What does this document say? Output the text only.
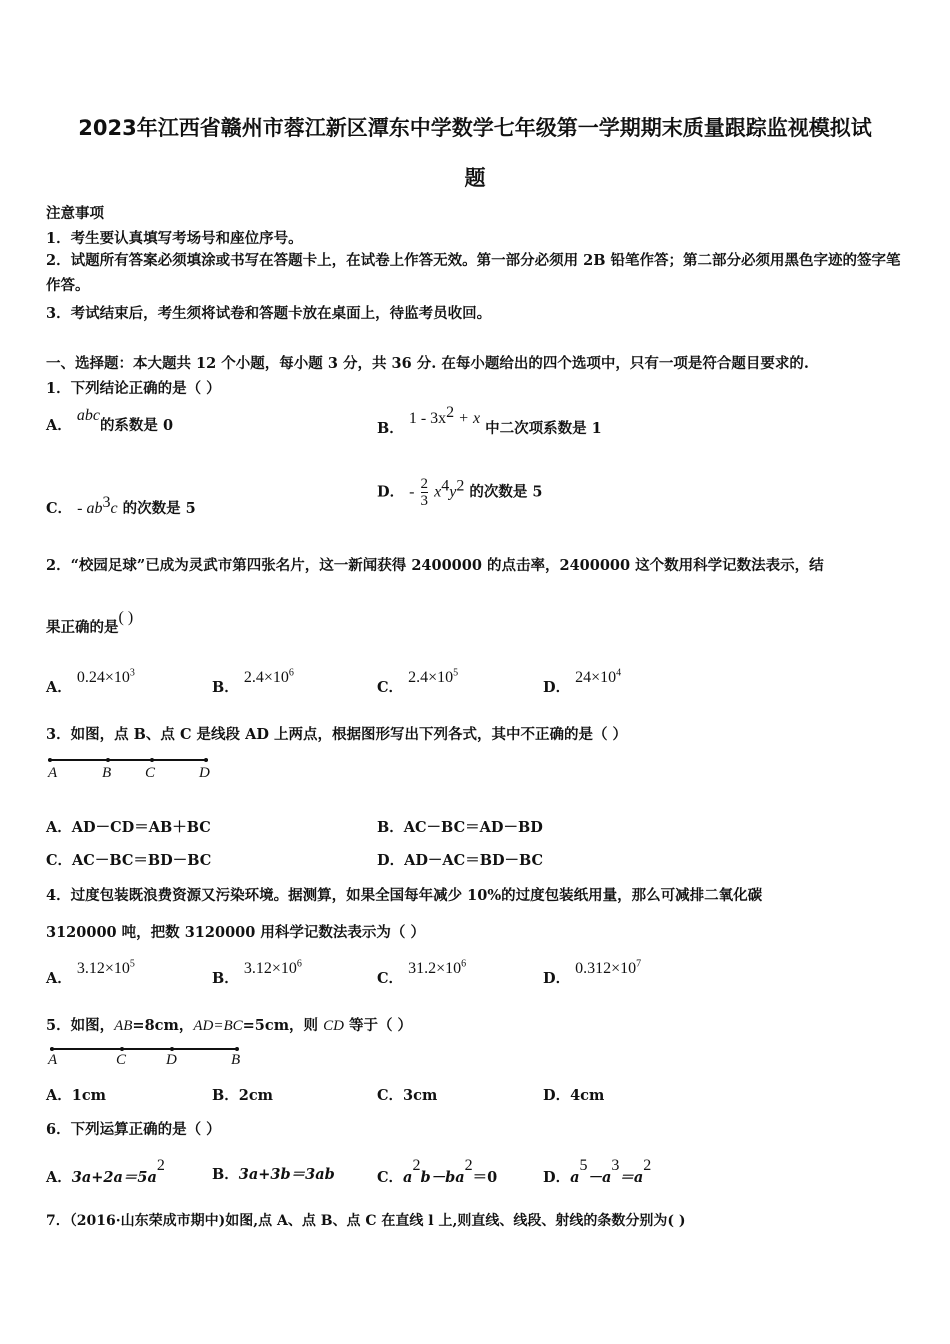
2023年江西省赣州市蓉江新区潭东中学数学七年级第一学期期末质量跟踪监视模拟试
题
注意事项
1．考生要认真填写考场号和座位序号。
2．试题所有答案必须填涂或书写在答题卡上，在试卷上作答无效。第一部分必须用 2B 铅笔作答；第二部分必须用黑色字迹的签字笔作答。
3．考试结束后，考生须将试卷和答题卡放在桌面上，待监考员收回。
一、选择题：本大题共 12 个小题，每小题 3 分，共 36 分. 在每小题给出的四个选项中，只有一项是符合题目要求的.
1．下列结论正确的是（ ）
A． abc的系数是 0	B． $1 - 3x^2 + x$ 中二次项系数是 1
C． - $ab^3c$ 的次数是 5
D． - $\frac{2}{3} x^4y^2$ 的次数是 5
2．“校园足球”已成为灵武市第四张名片，这一新闻获得 2400000 的点击率，2400000 这个数用科学记数法表示，结
果正确的是( )
A． $0.24\times 10^3$
B． $2.4\times 10^6$
C． $2.4\times 10^5$
D． $24\times 10^4$
3．如图，点 B、点 C 是线段 AD 上两点，根据图形写出下列各式，其中不正确的是（ ）
A	B C	D
A．AD－CD＝AB＋BC	B．AC－BC＝AD－BD
C．AC－BC＝BD－BC	D．AD－AC＝BD－BC
4．过度包装既浪费资源又污染环境。据测算，如果全国每年减少 10%的过度包装纸用量，那么可减排二氧化碳
3120000 吨，把数 3120000 用科学记数法表示为（ ）
A． $3.12\times 10^5$
B． $3.12\times 10^6$
C． $31.2\times 10^6$
D． $0.312\times 10^7$
5．如图，AB=8cm，AD=BC=5cm，则 CD 等于（ ）
A	C	D	B
A．1cm	B．2cm	C．3cm	D．4cm
6．下列运算正确的是（ ）
A．$3a+2a=5a^2$
B．3a+3b＝3ab	C．$a^2b-ba^2=0$	D．$a^5-a^3=a^2$
7．（2016·山东荣成市期中)如图,点 A、点 B、点 C 在直线 l 上,则直线、线段、射线的条数分别为( )
